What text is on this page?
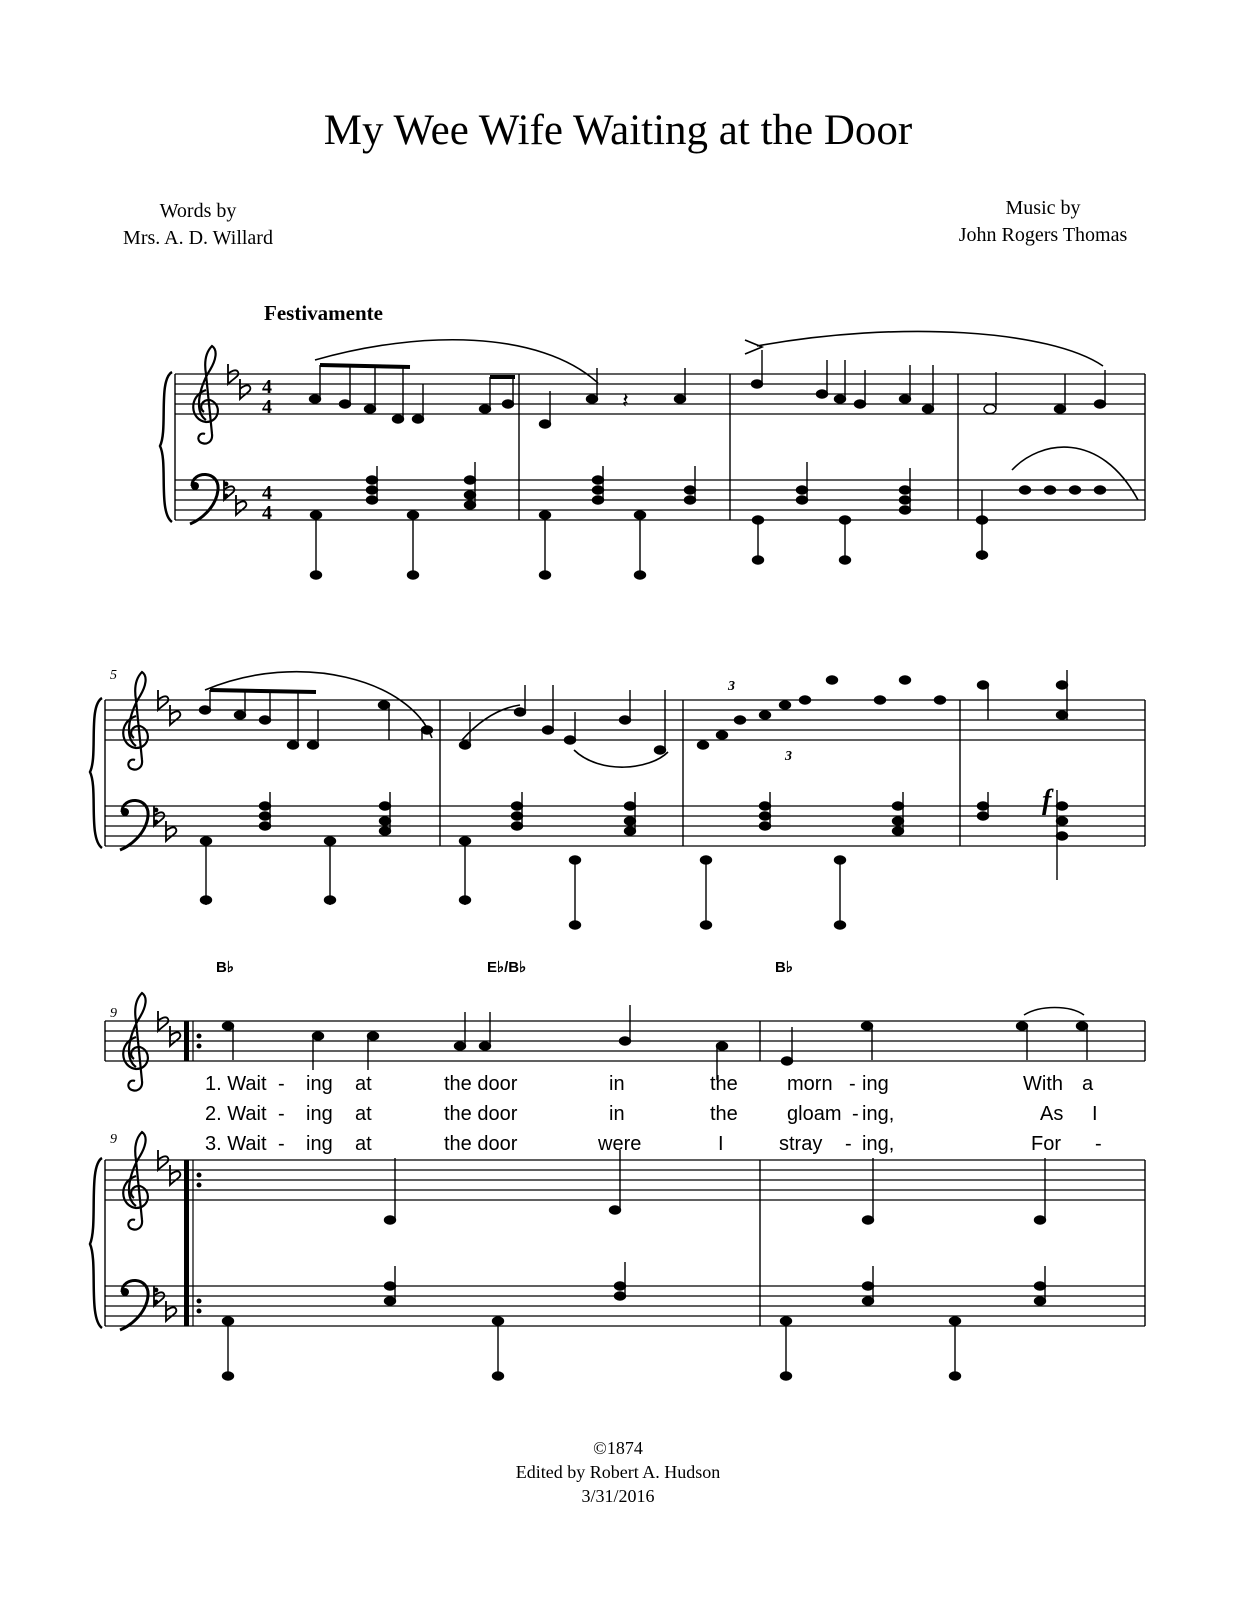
My Wee Wife Waiting at the Door
Words by
Mrs. A. D. Willard
Music by
John Rogers Thomas
Festivamente
5
9
9
B♭	E♭/B♭	B♭
f
1. Wait - ing at	the door	in	the morn - ing	With a
2. Wait - ing at	the door	in	the gloam - ing,	As I
3. Wait - ing at	the door	were	I	stray - ing,	For -
4
4
4
4
𝄽
3
3
©1874
Edited by Robert A. Hudson
3/31/2016
